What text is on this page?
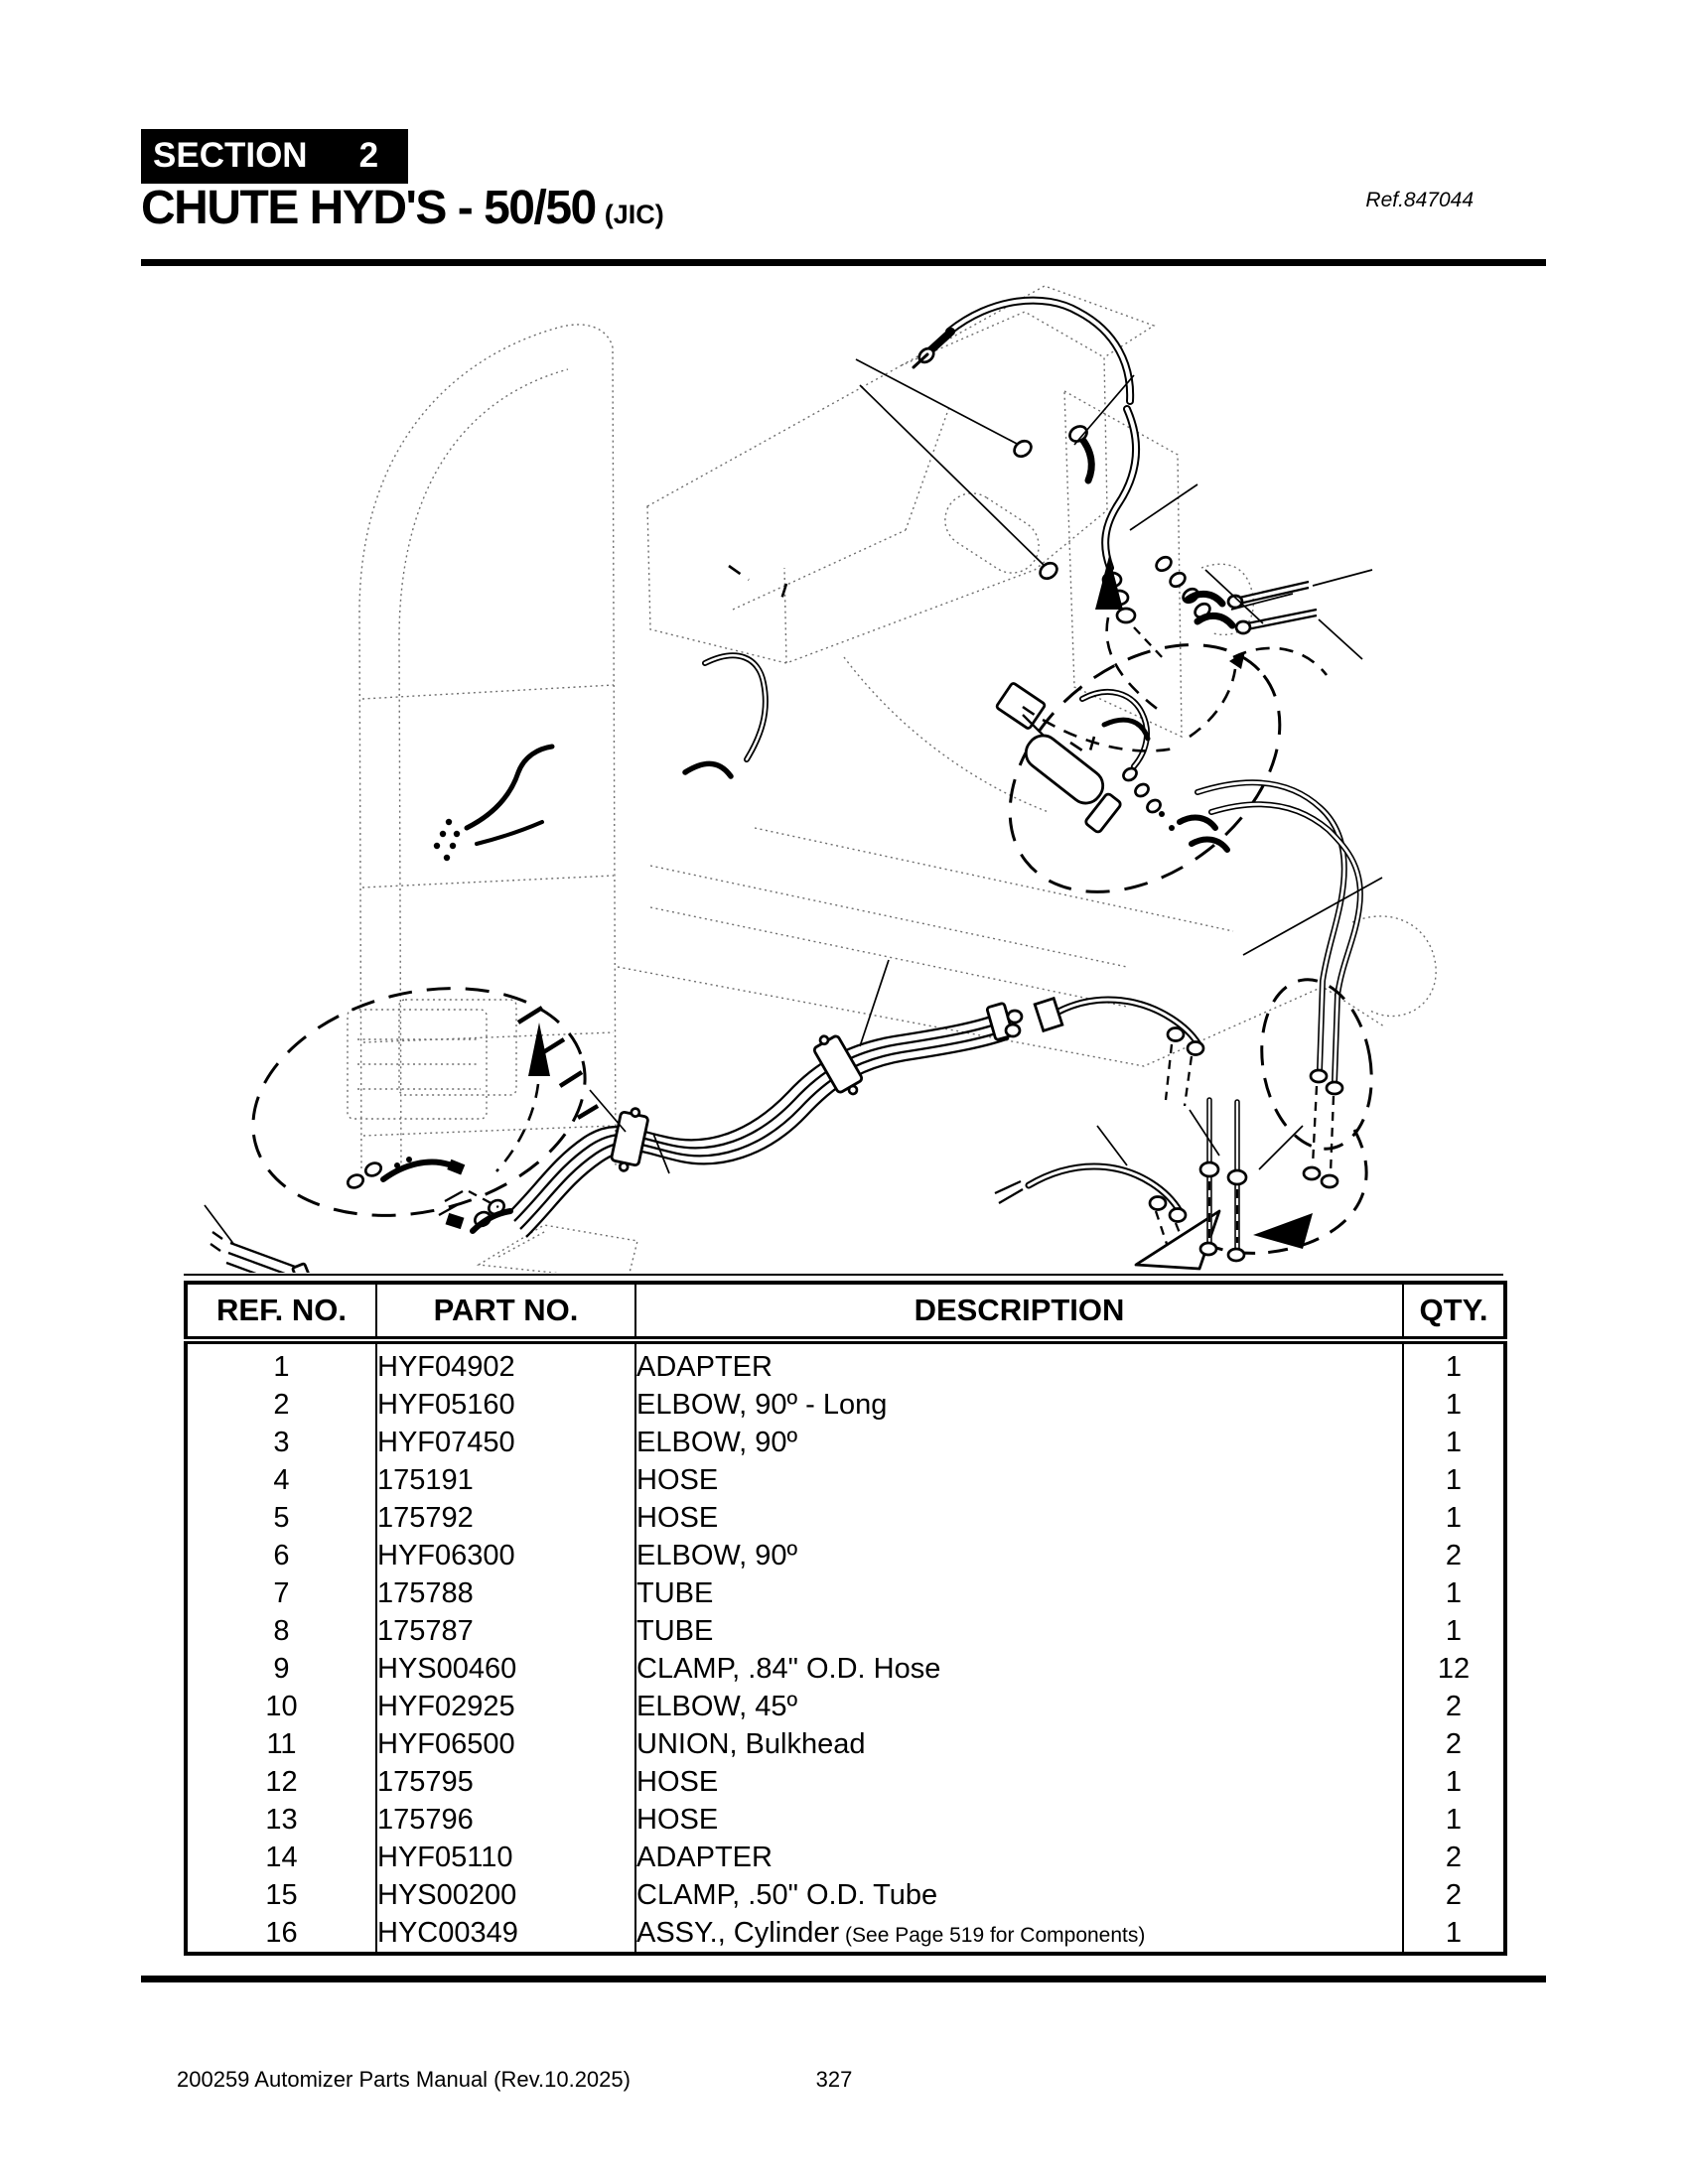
SECTION 2
CHUTE HYD'S - 50/50 (JIC)	Ref.847044
REF. NO.	PART NO.	DESCRIPTION	QTY.
1	HYF04902	ADAPTER	1
2	HYF05160	ELBOW, 90º - Long	1
3	HYF07450	ELBOW, 90º	1
4	175191	HOSE	1
5	175792	HOSE	1
6	HYF06300	ELBOW, 90º	2
7	175788	TUBE	1
8	175787	TUBE	1
9	HYS00460	CLAMP, .84" O.D. Hose	12
10	HYF02925	ELBOW, 45º	2
11	HYF06500	UNION, Bulkhead	2
12	175795	HOSE	1
13	175796	HOSE	1
14	HYF05110	ADAPTER	2
15	HYS00200	CLAMP, .50" O.D. Tube	2
16	HYC00349	ASSY., Cylinder (See Page 519 for Components)	1
327
200259 Automizer Parts Manual (Rev.10.2025)
